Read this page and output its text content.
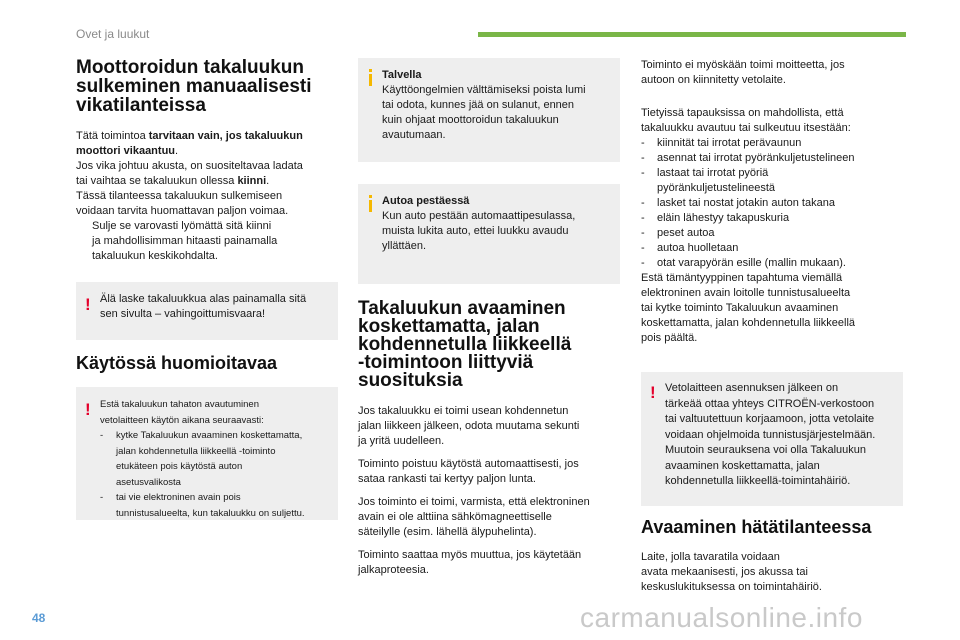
Ovet ja luukut
Moottoroidun takaluukun
sulkeminen manuaalisesti
vikatilanteissa

Tätä toimintoa tarvitaan vain, jos takaluukun
moottori vikaantuu.
Jos vika johtuu akusta, on suositeltavaa ladata
tai vaihtaa se takaluukun ollessa kiinni.
Tässä tilanteessa takaluukun sulkemiseen
voidaan tarvita huomattavan paljon voimaa.

Sulje se varovasti lyömättä sitä kiinni
ja mahdollisimman hitaasti painamalla
takaluukun keskikohdalta.
! Älä laske takaluukkua alas painamalla sitä
sen sivulta – vahingoittumisvaara!

Käytössä huomioitavaa
! Estä takaluukun tahaton avautuminen
vetolaitteen käytön aikana seuraavasti:
-	kytke Takaluukun avaaminen koskettamatta,
jalan kohdennetulla liikkeellä -toiminto
etukäteen pois käytöstä auton
asetusvalikosta
-	tai vie elektroninen avain pois
tunnistusalueelta, kun takaluukku on suljettu.

Talvella
Käyttöongelmien välttämiseksi poista lumi
tai odota, kunnes jää on sulanut, ennen
kuin ohjaat moottoroidun takaluukun
avautumaan.

Autoa pestäessä
Kun auto pestään automaattipesulassa,
muista lukita auto, ettei luukku avaudu
yllättäen.

Takaluukun avaaminen
koskettamatta, jalan
kohdennetulla liikkeellä
-toimintoon liittyviä
suosituksia

Jos takaluukku ei toimi usean kohdennetun
jalan liikkeen jälkeen, odota muutama sekunti
ja yritä uudelleen.

Toiminto poistuu käytöstä automaattisesti, jos
sataa rankasti tai kertyy paljon lunta.

Jos toiminto ei toimi, varmista, että elektroninen
avain ei ole alttiina sähkömagneettiselle
säteilylle (esim. lähellä älypuhelinta).

Toiminto saattaa myös muuttua, jos käytetään
jalkaproteesia.

Toiminto ei myöskään toimi moitteetta, jos
autoon on kiinnitetty vetolaite.

Tietyissä tapauksissa on mahdollista, että
takaluukku avautuu tai sulkeutuu itsestään:

-	kiinnität tai irrotat perävaunun
-	asennat tai irrotat pyöränkuljetustelineen
-	lastaat tai irrotat pyöriä
pyöränkuljetustelineestä
-	lasket tai nostat jotakin auton takana
-	eläin lähestyy takapuskuria
-	peset autoa
-	autoa huolletaan
-	otat varapyörän esille (mallin mukaan).

Estä tämäntyyppinen tapahtuma viemällä
elektroninen avain loitolle tunnistusalueelta
tai kytke toiminto Takaluukun avaaminen
koskettamatta, jalan kohdennetulla liikkeellä
pois päältä.

! Vetolaitteen asennuksen jälkeen on
tärkeää ottaa yhteys CITROËN-verkostoon
tai valtuutettuun korjaamoon, jotta vetolaite
voidaan ohjelmoida tunnistusjärjestelmään.
Muutoin seurauksena voi olla Takaluukun
avaaminen koskettamatta, jalan
kohdennetulla liikkeellä-toimintahäiriö.

Avaaminen hätätilanteessa

Laite, jolla tavaratila voidaan
avata mekaanisesti, jos akussa tai
keskuslukituksessa on toimintahäiriö.

48	carmanualsonline.info
